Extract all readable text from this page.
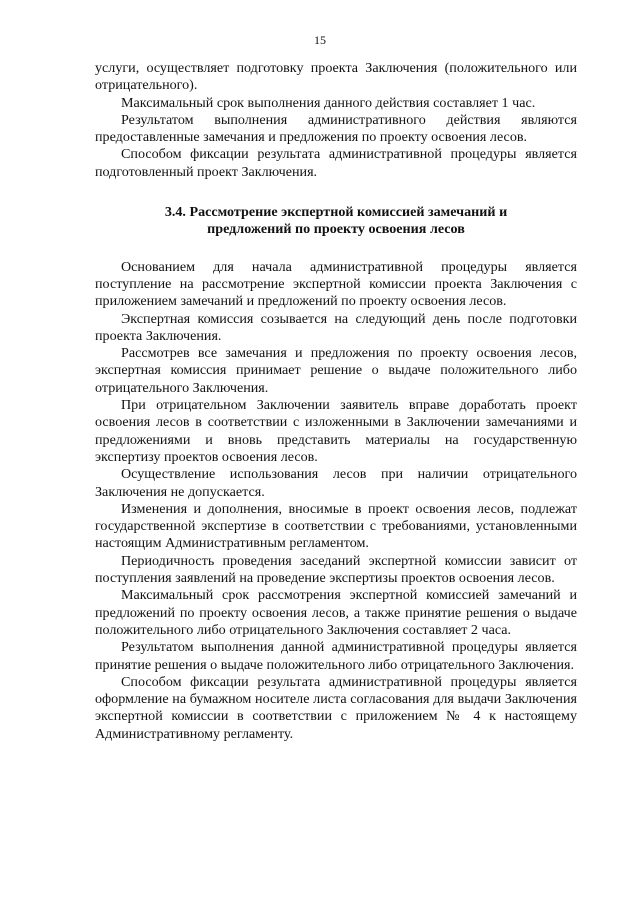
15

услуги, осуществляет подготовку проекта Заключения (положительного или отрицательного).

Максимальный срок выполнения данного действия составляет 1 час.

Результатом выполнения административного действия являются предоставленные замечания и предложения по проекту освоения лесов.

Способом фиксации результата административной процедуры является подготовленный проект Заключения.

3.4. Рассмотрение экспертной комиссией замечаний и предложений по проекту освоения лесов

Основанием для начала административной процедуры является поступление на рассмотрение экспертной комиссии проекта Заключения с приложением замечаний и предложений по проекту освоения лесов.

Экспертная комиссия созывается на следующий день после подготовки проекта Заключения.

Рассмотрев все замечания и предложения по проекту освоения лесов, экспертная комиссия принимает решение о выдаче положительного либо отрицательного Заключения.

При отрицательном Заключении заявитель вправе доработать проект освоения лесов в соответствии с изложенными в Заключении замечаниями и предложениями и вновь представить материалы на государственную экспертизу проектов освоения лесов.

Осуществление использования лесов при наличии отрицательного Заключения не допускается.

Изменения и дополнения, вносимые в проект освоения лесов, подлежат государственной экспертизе в соответствии с требованиями, установленными настоящим Административным регламентом.

Периодичность проведения заседаний экспертной комиссии зависит от поступления заявлений на проведение экспертизы проектов освоения лесов.

Максимальный срок рассмотрения экспертной комиссией замечаний и предложений по проекту освоения лесов, а также принятие решения о выдаче положительного либо отрицательного Заключения составляет 2 часа.

Результатом выполнения данной административной процедуры является принятие решения о выдаче положительного либо отрицательного Заключения.

Способом фиксации результата административной процедуры является оформление на бумажном носителе листа согласования для выдачи Заключения экспертной комиссии в соответствии с приложением № 4 к настоящему Административному регламенту.
